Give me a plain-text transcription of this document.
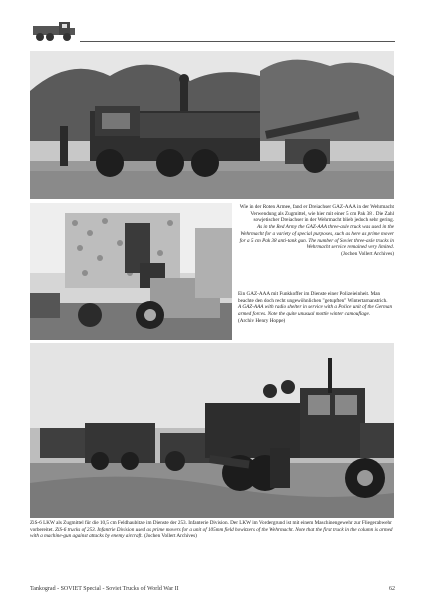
Wie in der Roten Armee, fand er Dreiachser GAZ-AAA in der Wehrmacht Verwendung als Zugmittel, wie hier mit einer 5 cm Pak 38 . Die Zahl sowjetischer Dreiachser in der Wehrmacht blieb jedoch sehr gering.
As in the Red Army the GAZ-AAA three-axle truck was used in the Wehrmacht for a variety of special purposes, such as here as prime mover for a 5 cm Pak 38 anti-tank gun. The number of Soviet three-axle trucks in Wehrmacht service remained very limited.
(Jochen Vollert Archives)
Ein GAZ-AAA mit Funkkoffer im Dienste einer Polizeieinheit. Man beachte den doch recht ungewöhnlichen "getupften" Wintertarnanstrich.
A GAZ-AAA with radio shelter in service with a Police unit of the German armed forces. Note the quite unusual mottle winter camouflage.
(Archiv Henry Hoppe)
ZiS-6 LKW als Zugmittel für die 10,5 cm Feldhaubitze im Dienste der 253. Infanterie Division. Der LKW im Vordergrund ist mit einem Maschinengewehr zur Fliegerabwehr vorbereitet. ZiS-6 trucks of 253. Infantrie Division used as prime movers for a unit of 105mm field howitzers of the Wehrmacht. Note that the first truck in the column is armed with a machine-gun against attacks by enemy aircraft. (Jochen Vollert Archives)
Tankograd - SOVIET Special - Soviet Trucks of World War II	62
